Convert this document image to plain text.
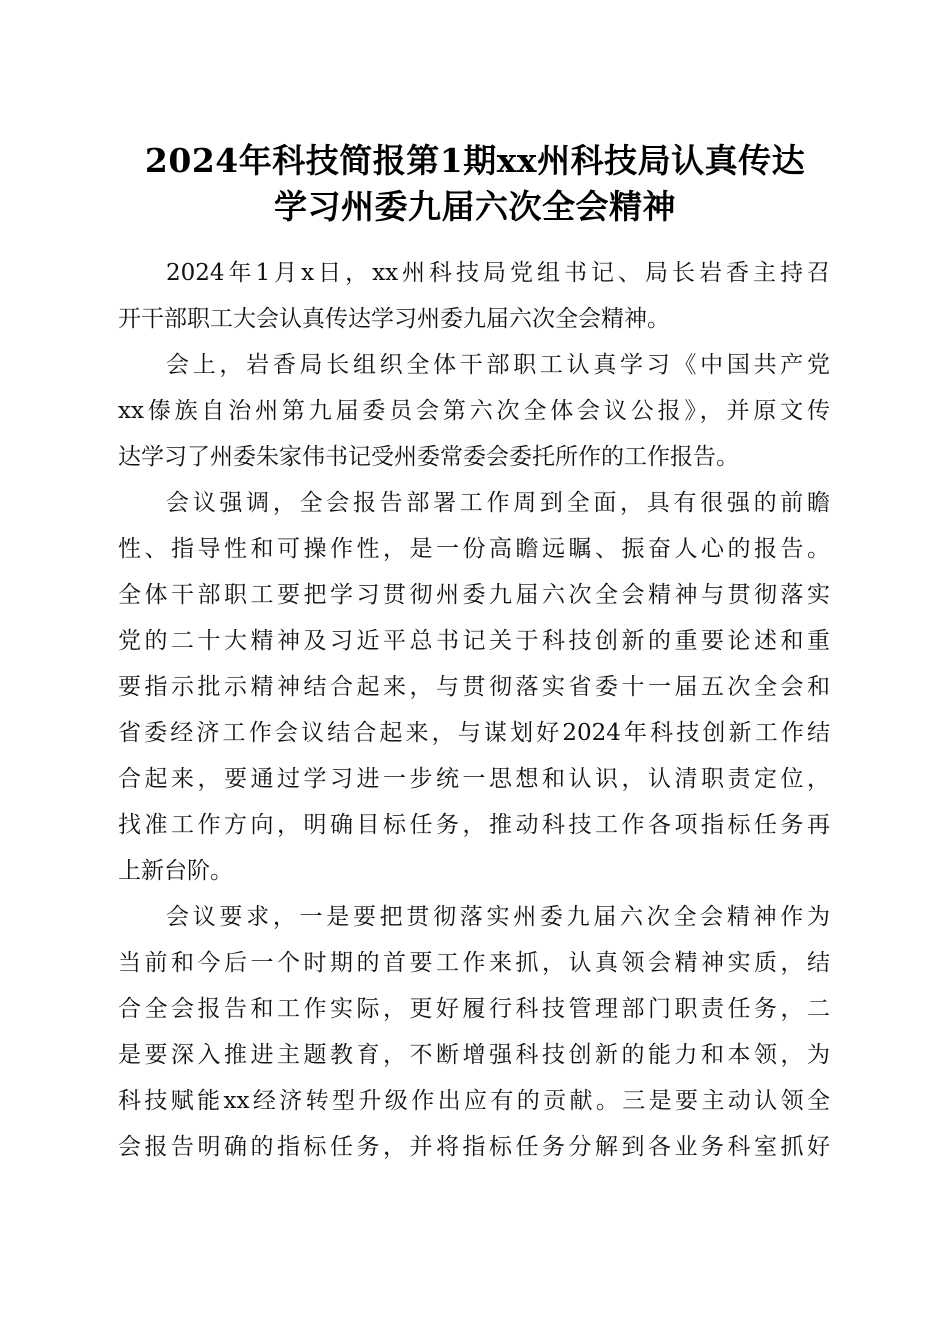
2024年科技简报第1期xx州科技局认真传达
学习州委九届六次全会精神
2024年1月x日，xx州科技局党组书记、局长岩香主持召
开干部职工大会认真传达学习州委九届六次全会精神。
会上，岩香局长组织全体干部职工认真学习《中国共产党
xx傣族自治州第九届委员会第六次全体会议公报》，并原文传
达学习了州委朱家伟书记受州委常委会委托所作的工作报告。
会议强调，全会报告部署工作周到全面，具有很强的前瞻
性、指导性和可操作性，是一份高瞻远瞩、振奋人心的报告。
全体干部职工要把学习贯彻州委九届六次全会精神与贯彻落实
党的二十大精神及习近平总书记关于科技创新的重要论述和重
要指示批示精神结合起来，与贯彻落实省委十一届五次全会和
省委经济工作会议结合起来，与谋划好2024年科技创新工作结
合起来，要通过学习进一步统一思想和认识，认清职责定位，
找准工作方向，明确目标任务，推动科技工作各项指标任务再
上新台阶。
会议要求，一是要把贯彻落实州委九届六次全会精神作为
当前和今后一个时期的首要工作来抓，认真领会精神实质，结
合全会报告和工作实际，更好履行科技管理部门职责任务，二
是要深入推进主题教育，不断增强科技创新的能力和本领，为
科技赋能xx经济转型升级作出应有的贡献。三是要主动认领全
会报告明确的指标任务，并将指标任务分解到各业务科室抓好
